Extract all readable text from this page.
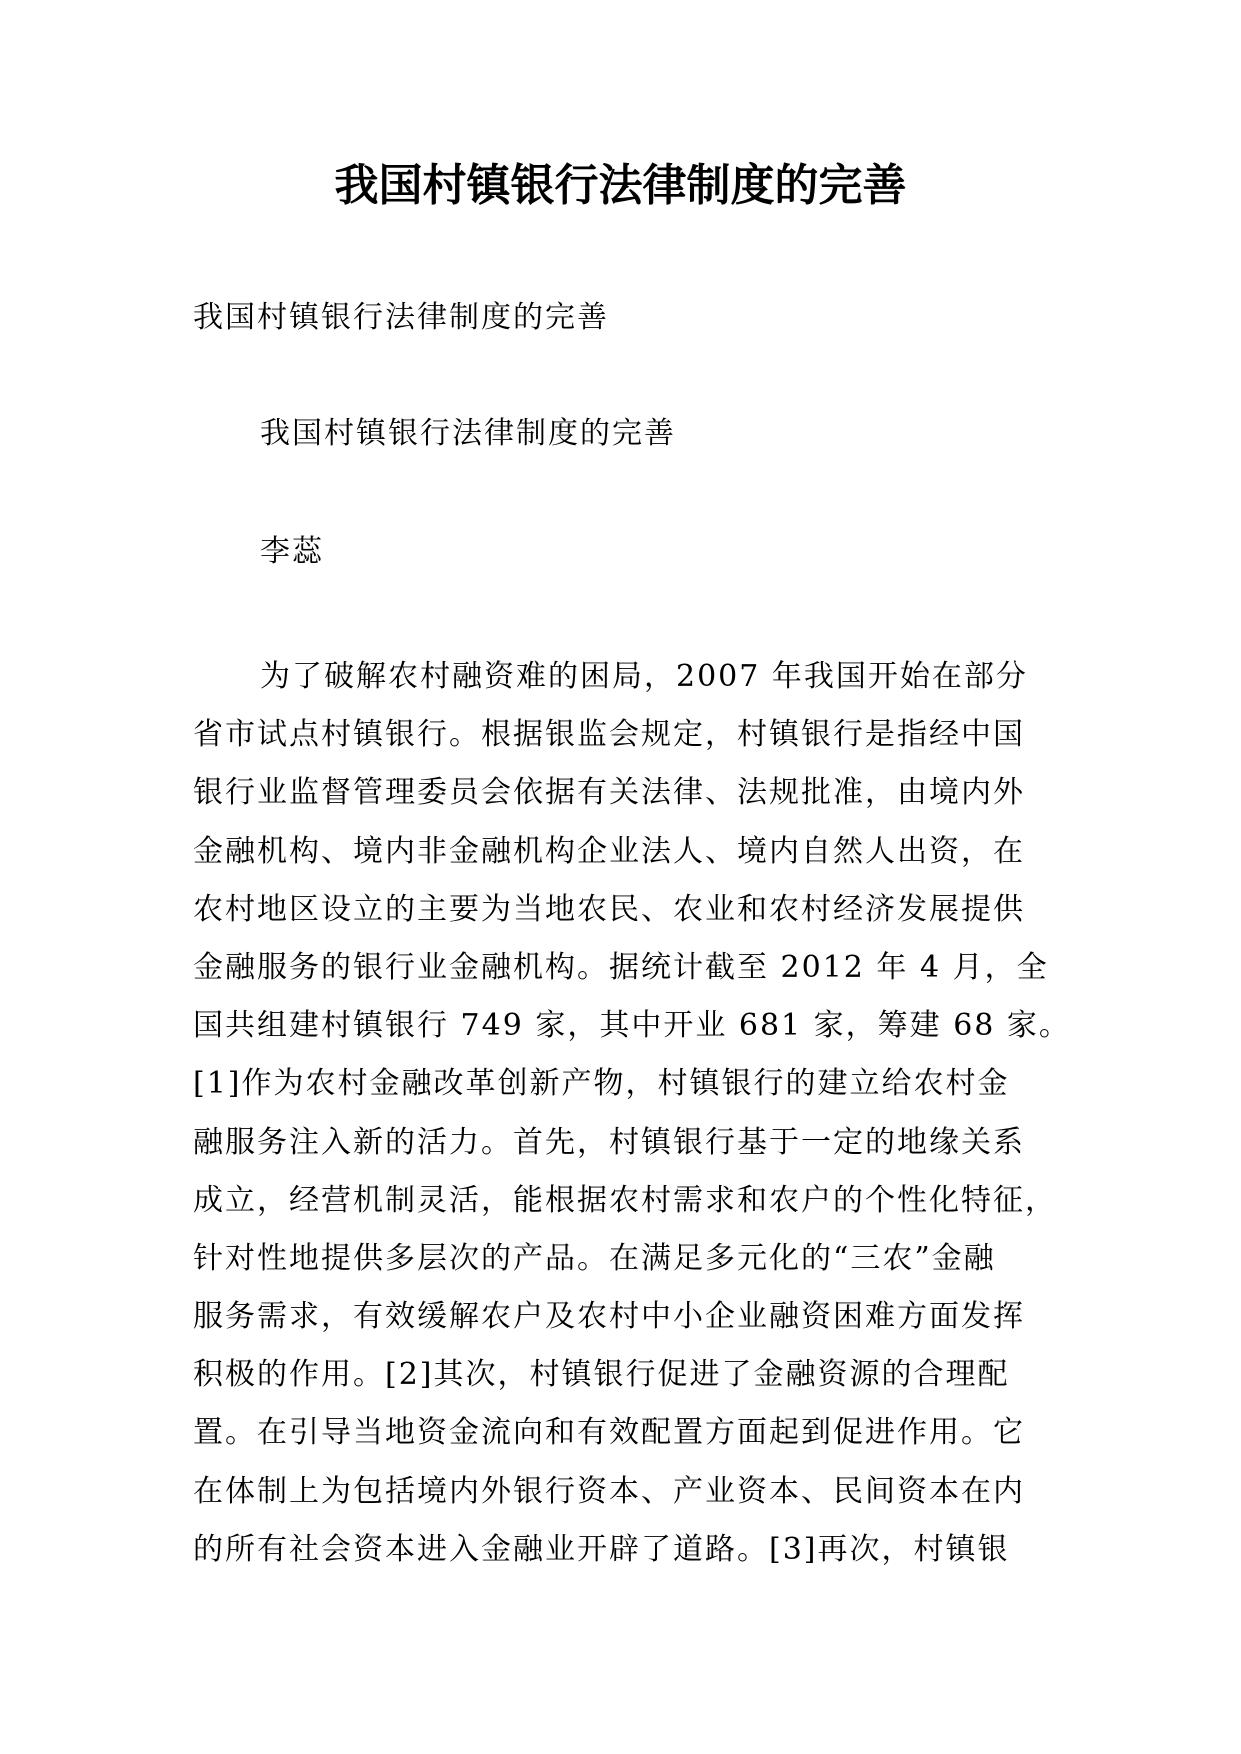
我国村镇银行法律制度的完善
我国村镇银行法律制度的完善
我国村镇银行法律制度的完善
李蕊
为了破解农村融资难的困局，2007 年我国开始在部分
省市试点村镇银行。根据银监会规定，村镇银行是指经中国
银行业监督管理委员会依据有关法律、法规批准，由境内外
金融机构、境内非金融机构企业法人、境内自然人出资，在
农村地区设立的主要为当地农民、农业和农村经济发展提供
金融服务的银行业金融机构。据统计截至 2012 年 4 月，全
国共组建村镇银行 749 家，其中开业 681 家，筹建 68 家。
[1]作为农村金融改革创新产物，村镇银行的建立给农村金
融服务注入新的活力。首先，村镇银行基于一定的地缘关系
成立，经营机制灵活，能根据农村需求和农户的个性化特征，
针对性地提供多层次的产品。在满足多元化的“三农”金融
服务需求，有效缓解农户及农村中小企业融资困难方面发挥
积极的作用。[2]其次，村镇银行促进了金融资源的合理配
置。在引导当地资金流向和有效配置方面起到促进作用。它
在体制上为包括境内外银行资本、产业资本、民间资本在内
的所有社会资本进入金融业开辟了道路。[3]再次，村镇银
